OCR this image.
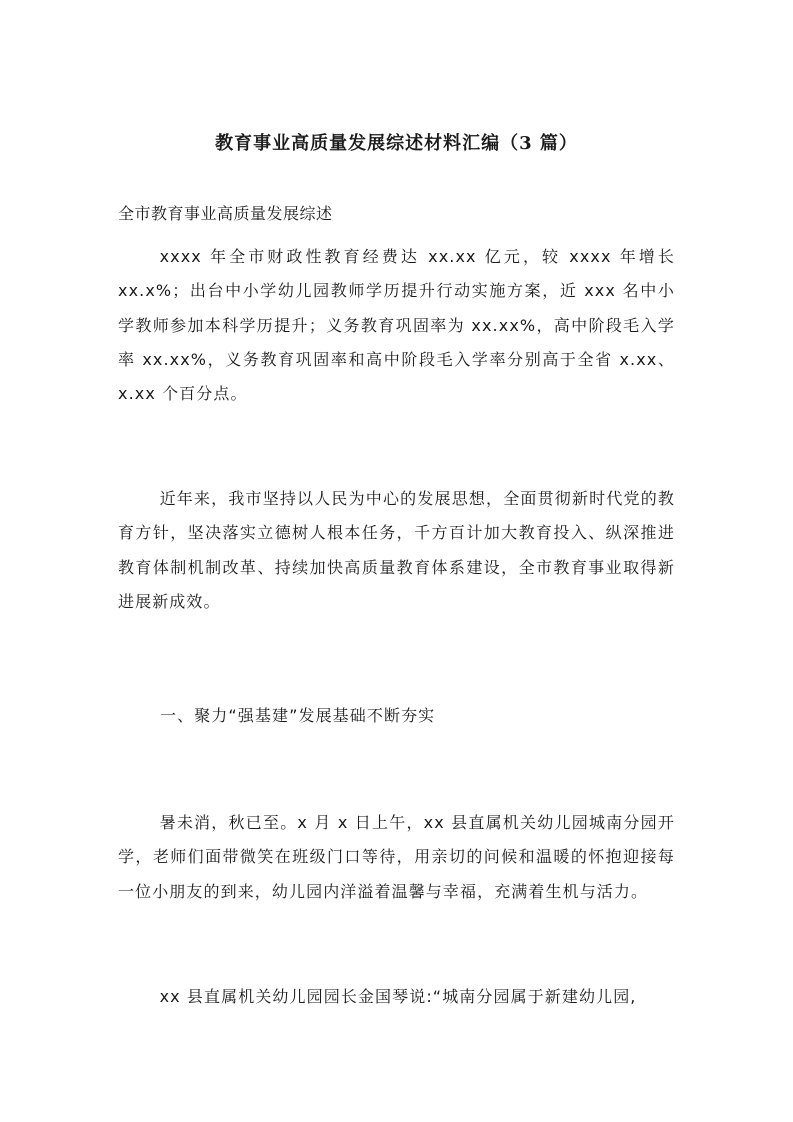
教育事业高质量发展综述材料汇编（3 篇）

全市教育事业高质量发展综述

xxxx 年全市财政性教育经费达 xx.xx 亿元，较 xxxx 年增长 xx.x%；出台中小学幼儿园教师学历提升行动实施方案，近 xxx 名中小学教师参加本科学历提升；义务教育巩固率为 xx.xx%，高中阶段毛入学率 xx.xx%，义务教育巩固率和高中阶段毛入学率分别高于全省 x.xx、x.xx 个百分点。

近年来，我市坚持以人民为中心的发展思想，全面贯彻新时代党的教育方针，坚决落实立德树人根本任务，千方百计加大教育投入、纵深推进教育体制机制改革、持续加快高质量教育体系建设，全市教育事业取得新进展新成效。

一、聚力“强基建”发展基础不断夯实

暑未消，秋已至。x 月 x 日上午，xx 县直属机关幼儿园城南分园开学，老师们面带微笑在班级门口等待，用亲切的问候和温暖的怀抱迎接每一位小朋友的到来，幼儿园内洋溢着温馨与幸福，充满着生机与活力。

xx 县直属机关幼儿园园长金国琴说:“城南分园属于新建幼儿园,
